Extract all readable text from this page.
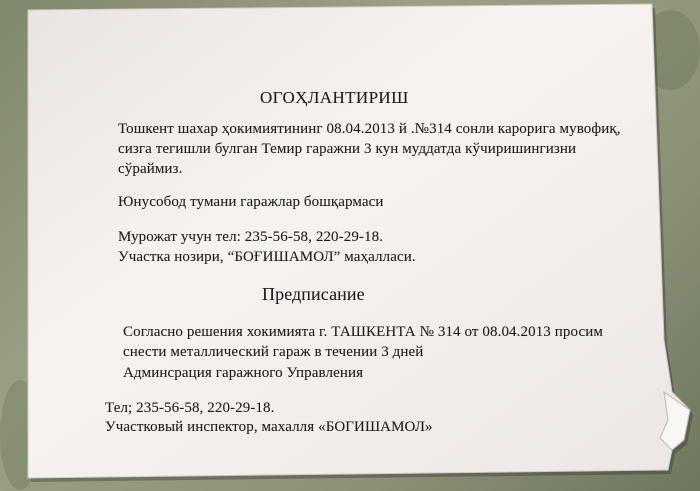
ОГОҲЛАНТИРИШ
Тошкент шахар ҳокимиятининг 08.04.2013 й .№314 сонли карорига мувофиқ,
сизга тегишли булган Темир гаражни 3 кун муддатда кўчиришингизни
сўраймиз.
Юнусобод тумани гаражлар бошқармаси
Мурожат учун тел: 235-56-58, 220-29-18.
Участка нозири, “БОҒИШАМОЛ” маҳалласи.
Предписание
Согласно решения хокимията г. ТАШКЕНТА № 314 от 08.04.2013 просим
снести металлический гараж в течении 3 дней
Админсрация гаражного Управления
Тел; 235-56-58, 220-29-18.
Участковый инспектор, махалля «БОГИШАМОЛ»
